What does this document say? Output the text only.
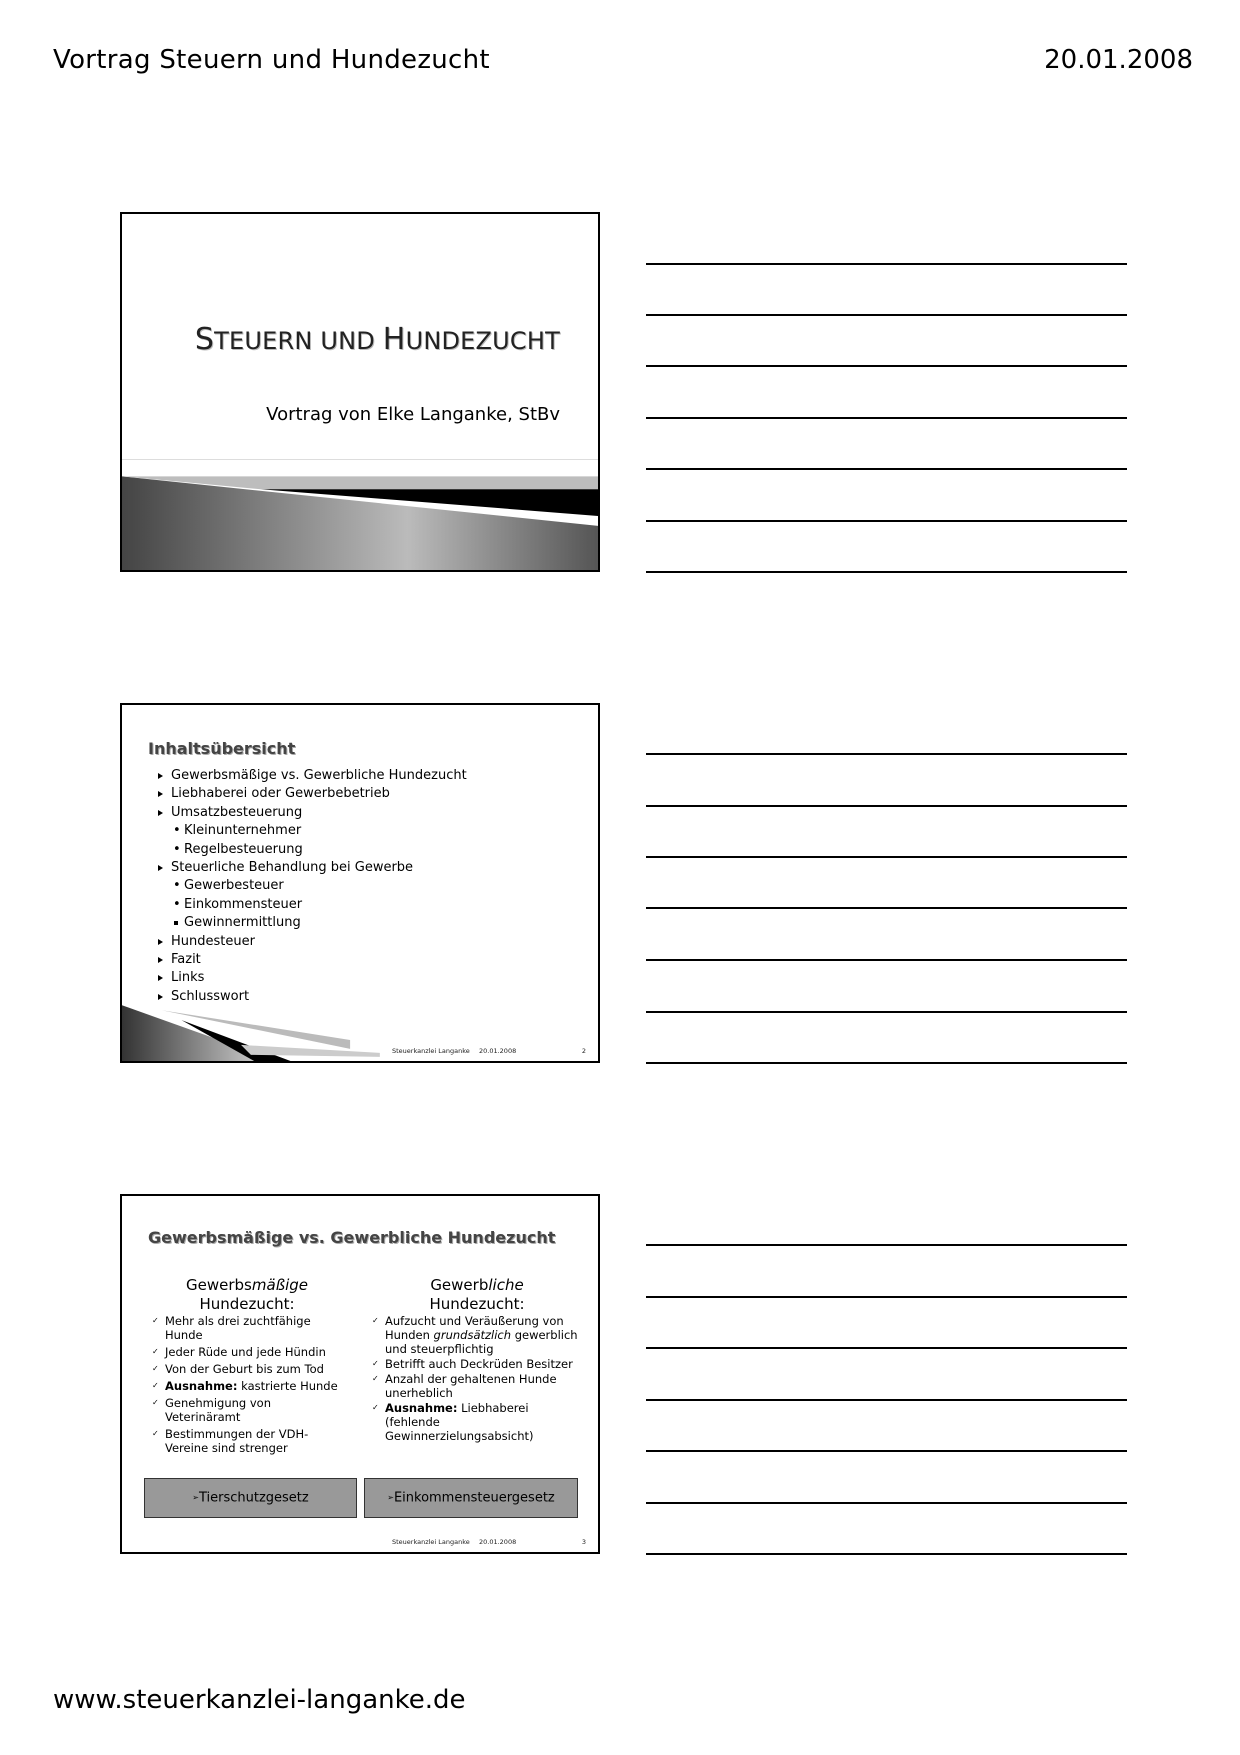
Vortrag Steuern und Hundezucht	20.01.2008
STEUERN UND HUNDEZUCHT
Vortrag von Elke Langanke, StBv
Inhaltsübersicht
Gewerbsmäßige vs. Gewerbliche Hundezucht
Liebhaberei oder Gewerbebetrieb
Umsatzbesteuerung
• Kleinunternehmer
• Regelbesteuerung
Steuerliche Behandlung bei Gewerbe
• Gewerbesteuer
• Einkommensteuer
Gewinnermittlung
Hundesteuer
Fazit
Links
Schlusswort
Steuerkanzlei Langanke 20.01.2008	2
Gewerbsmäßige vs. Gewerbliche Hundezucht
Gewerbsmäßige
Hundezucht:
✓ Mehr als drei zuchtfähige Hunde
✓ Jeder Rüde und jede Hündin
✓ Von der Geburt bis zum Tod
✓ Ausnahme: kastrierte Hunde
✓ Genehmigung von Veterinäramt
✓ Bestimmungen der VDH-Vereine sind strenger
Gewerbliche
Hundezucht:
✓ Aufzucht und Veräußerung von Hunden grundsätzlich gewerblich und steuerpflichtig
✓ Betrifft auch Deckrüden Besitzer
✓ Anzahl der gehaltenen Hunde unerheblich
✓ Ausnahme: Liebhaberei (fehlende Gewinnerzielungsabsicht)
➢Tierschutzgesetz	➢Einkommensteuergesetz
Steuerkanzlei Langanke 20.01.2008	3
www.steuerkanzlei-langanke.de
